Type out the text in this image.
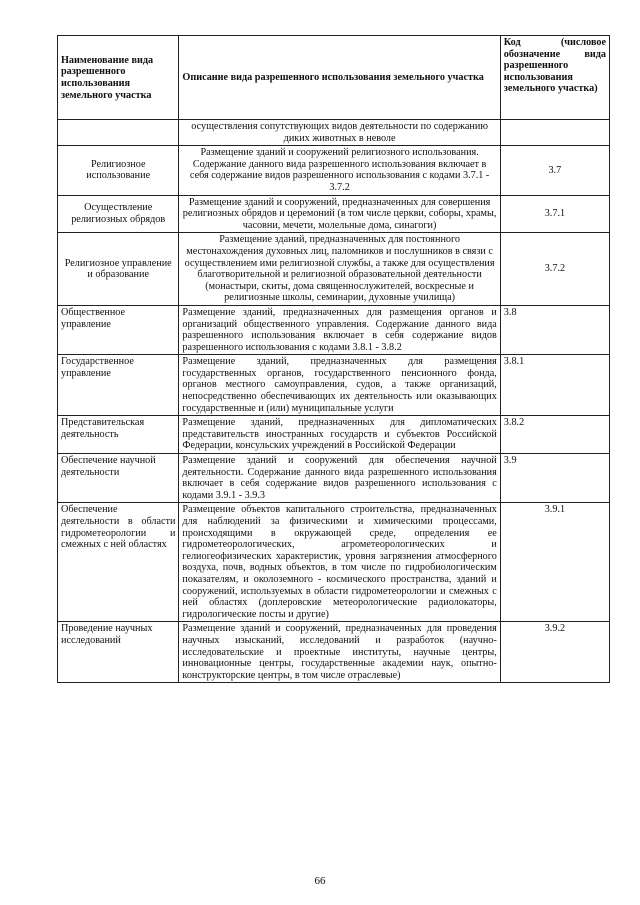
Наименование вида разрешенного использования земельного участка	Описание вида разрешенного использования земельного участка	Код (числовое обозначение вида разрешенного использования земельного участка)
	осуществления сопутствующих видов деятельности по содержанию диких животных в неволе	
Религиозное использование	Размещение зданий и сооружений религиозного использования. Содержание данного вида разрешенного использования включает в себя содержание видов разрешенного использования с кодами 3.7.1 - 3.7.2	3.7
Осуществление религиозных обрядов	Размещение зданий и сооружений, предназначенных для совершения религиозных обрядов и церемоний (в том числе церкви, соборы, храмы, часовни, мечети, молельные дома, синагоги)	3.7.1
Религиозное управление и образование	Размещение зданий, предназначенных для постоянного местонахождения духовных лиц, паломников и послушников в связи с осуществлением ими религиозной службы, а также для осуществления благотворительной и религиозной образовательной деятельности (монастыри, скиты, дома священнослужителей, воскресные и религиозные школы, семинарии, духовные училища)	3.7.2
Общественное управление	Размещение зданий, предназначенных для размещения органов и организаций общественного управления. Содержание данного вида разрешенного использования включает в себя содержание видов разрешенного использования с кодами 3.8.1 - 3.8.2	3.8
Государственное управление	Размещение зданий, предназначенных для размещения государственных органов, государственного пенсионного фонда, органов местного самоуправления, судов, а также организаций, непосредственно обеспечивающих их деятельность или оказывающих государственные и (или) муниципальные услуги	3.8.1
Представительская деятельность	Размещение зданий, предназначенных для дипломатических представительств иностранных государств и субъектов Российской Федерации, консульских учреждений в Российской Федерации	3.8.2
Обеспечение научной деятельности	Размещение зданий и сооружений для обеспечения научной деятельности. Содержание данного вида разрешенного использования включает в себя содержание видов разрешенного использования с кодами 3.9.1 - 3.9.3	3.9
Обеспечение деятельности в области гидрометеорологии и смежных с ней областях	Размещение объектов капитального строительства, предназначенных для наблюдений за физическими и химическими процессами, происходящими в окружающей среде, определения ее гидрометеорологических, агрометеорологических и гелиогеофизических характеристик, уровня загрязнения атмосферного воздуха, почв, водных объектов, в том числе по гидробиологическим показателям, и околоземного - космического пространства, зданий и сооружений, используемых в области гидрометеорологии и смежных с ней областях (доплеровские метеорологические радиолокаторы, гидрологические посты и другие)	3.9.1
Проведение научных исследований	Размещение зданий и сооружений, предназначенных для проведения научных изысканий, исследований и разработок (научно-исследовательские и проектные институты, научные центры, инновационные центры, государственные академии наук, опытно-конструкторские центры, в том числе отраслевые)	3.9.2
66
